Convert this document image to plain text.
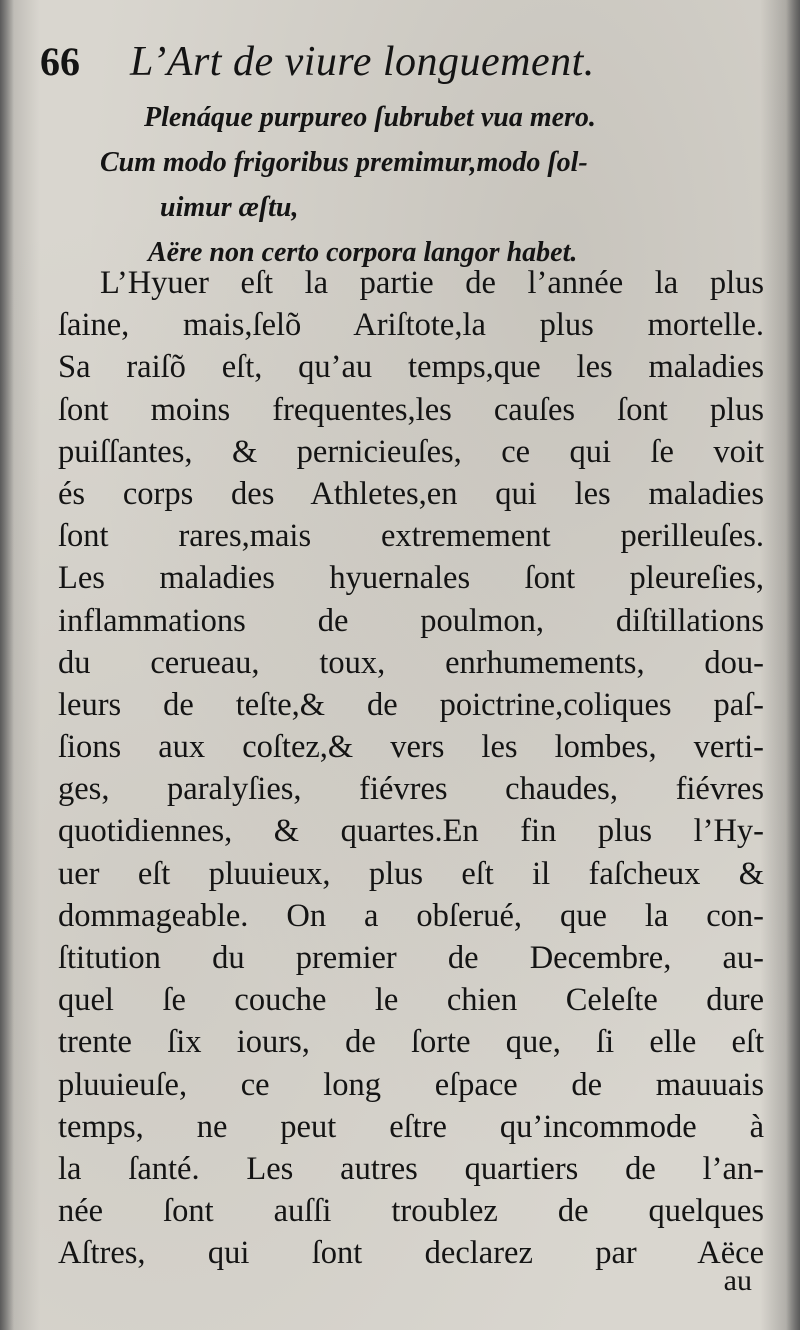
66 L’Art de viure longuement.
Plenáque purpureo ſubrubet vua mero.
Cum modo frigoribus premimur,modo ſol-
uimur æſtu,
Aëre non certo corpora langor habet.
L’Hyuer eſt la partie de l’année la plus
ſaine, mais,ſelõ Ariſtote,la plus mortelle.
Sa raiſõ eſt, qu’au temps,que les maladies
ſont moins frequentes,les cauſes ſont plus
puiſſantes, & pernicieuſes, ce qui ſe voit
és corps des Athletes,en qui les maladies
ſont rares,mais extremement perilleuſes.
Les maladies hyuernales ſont pleureſies,
inflammations de poulmon, diſtillations
du cerueau, toux, enrhumements, dou-
leurs de teſte,& de poictrine,coliques paſ-
ſions aux coſtez,& vers les lombes, verti-
ges, paralyſies, fiévres chaudes, fiévres
quotidiennes, & quartes.En fin plus l’Hy-
uer eſt pluuieux, plus eſt il faſcheux &
dommageable. On a obſerué, que la con-
ſtitution du premier de Decembre, au-
quel ſe couche le chien Celeſte dure
trente ſix iours, de ſorte que, ſi elle eſt
pluuieuſe, ce long eſpace de mauuais
temps, ne peut eſtre qu’incommode à
la ſanté. Les autres quartiers de l’an-
née ſont auſſi troublez de quelques
Aſtres, qui ſont declarez par Aëce
au
